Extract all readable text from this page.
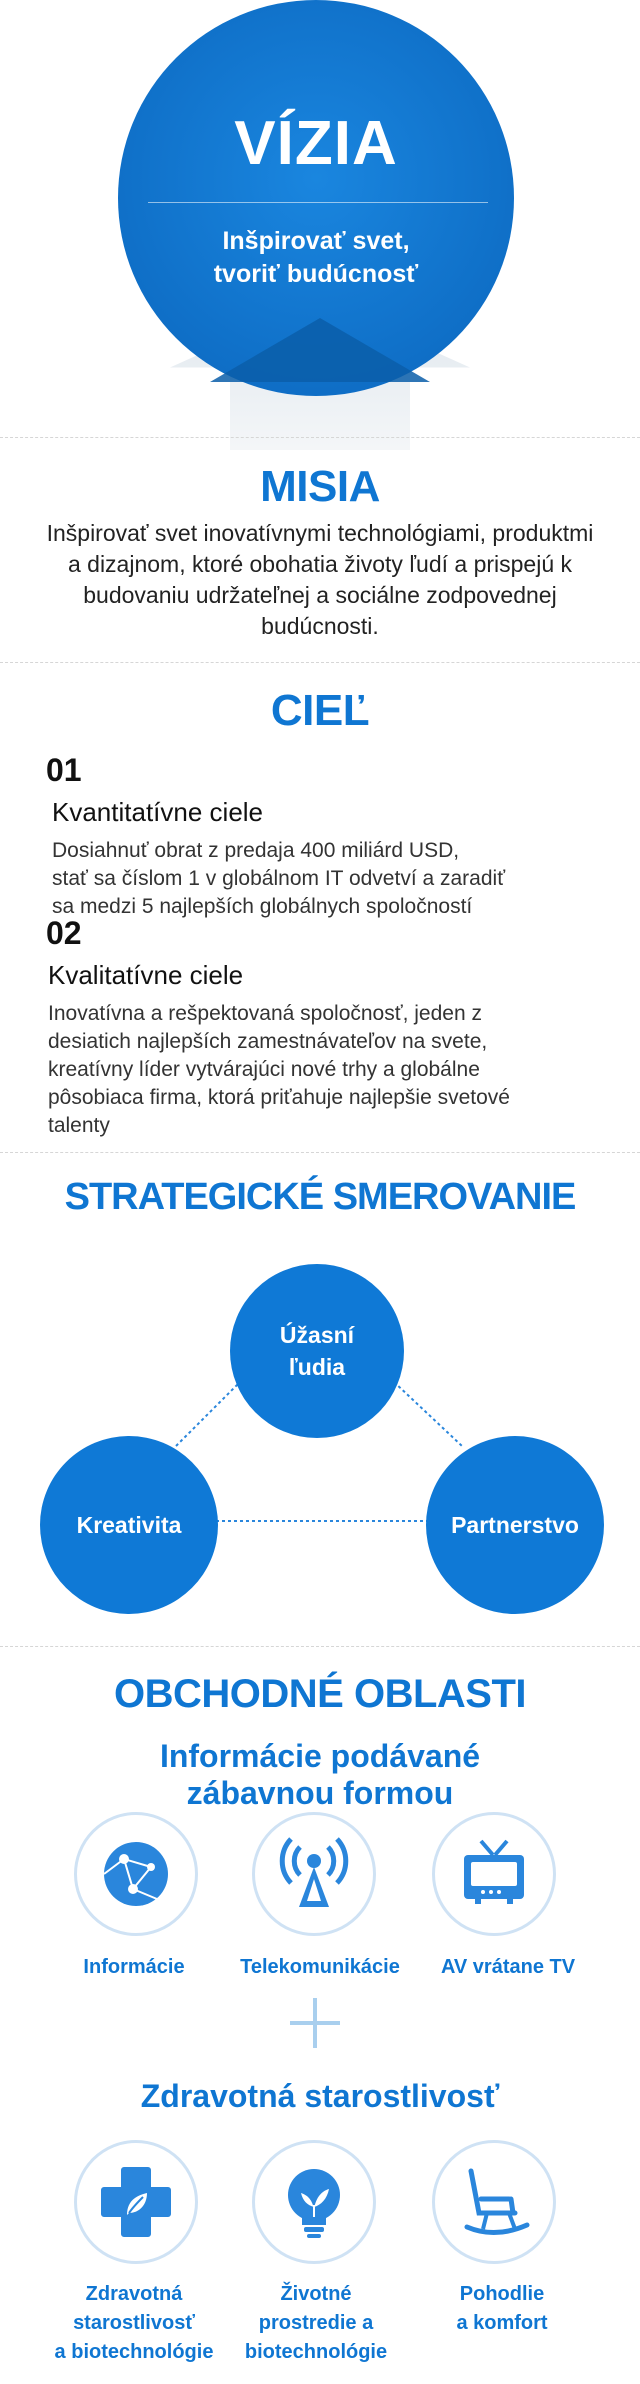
VÍZIA
Inšpirovať svet,
tvoriť budúcnosť
MISIA
Inšpirovať svet inovatívnymi technológiami, produktmi a dizajnom, ktoré obohatia životy ľudí a prispejú k budovaniu udržateľnej a sociálne zodpovednej budúcnosti.
CIEĽ
01
Kvantitatívne ciele
Dosiahnuť obrat z predaja 400 miliárd USD,
stať sa číslom 1 v globálnom IT odvetví a zaradiť
sa medzi 5 najlepších globálnych spoločností
02
Kvalitatívne ciele
Inovatívna a rešpektovaná spoločnosť, jeden z
desiatich najlepších zamestnávateľov na svete,
kreatívny líder vytvárajúci nové trhy a globálne
pôsobiaca firma, ktorá priťahuje najlepšie svetové
talenty
STRATEGICKÉ SMEROVANIE
Úžasní
ľudia
Kreativita	Partnerstvo
OBCHODNÉ OBLASTI
Informácie podávané
zábavnou formou
Informácie	Telekomunikácie	AV vrátane TV
Zdravotná starostlivosť
Zdravotná
starostlivosť
a biotechnológie
Životné
prostredie a
biotechnológie
Pohodlie
a komfort
